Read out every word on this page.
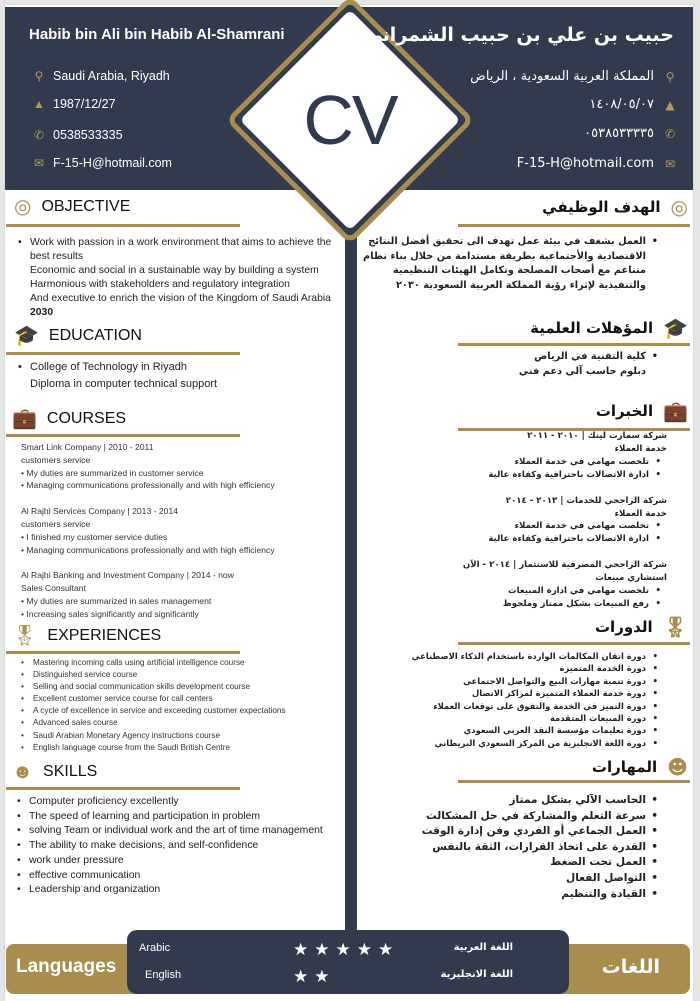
CV
Habib bin Ali bin Habib Al-Shamrani	حبيب بن علي بن حبيب الشمراني
⚲ Saudi Arabia, Riyadh
▲ 1987/12/27
✆ 0538533335
✉ F-15-H@hotmail.com
⚲
المملكة العربية السعودية ، الرياض
▲
١٤٠٨/٠٥/٠٧
✆
٠٥٣٨٥٣٣٣٣٥
✉
F-15-H@hotmail.com
◎ OBJECTIVE
• Work with passion in a work environment that aims to achieve the
best results
Economic and social in a sustainable way by building a system
Harmonious with stakeholders and regulatory integration
And executive to enrich the vision of the Kingdom of Saudi Arabia
2030
🎓 EDUCATION
• College of Technology in Riyadh
Diploma in computer technical support
💼 COURSES
Smart Link Company | 2010 - 2011
customers service
• My duties are summarized in customer service
• Managing communications professionally and with high efficiency
Al Rajhi Services Company | 2013 - 2014
customers service
• I finished my customer service duties
• Managing communications professionally and with high efficiency
Al Rajhi Banking and Investment Company | 2014 - now
Sales Consultant
• My duties are summarized in sales management
• Increasing sales significantly and significantly
🎖 EXPERIENCES
• Mastering incoming calls using artificial intelligence course
• Distinguished service course
• Selling and social communication skills development course
• Excellent customer service course for call centers
• A cycle of excellence in service and exceeding customer expectations
• Advanced sales course
• Saudi Arabian Monetary Agency instructions course
• English language course from the Saudi British Centre
☻ SKILLS
• Computer proficiency excellently
• The speed of learning and participation in problem
• solving Team or individual work and the art of time management
• The ability to make decisions, and self-confidence
• work under pressure
• effective communication
• Leadership and organization
◎
الهدف الوظيفي
• العمل بشغف في بيئة عمل تهدف الى تحقيق أفضل النتائج
الاقتصادية والأجتماعية بطريقة مستدامة من خلال بناء نظام
متناغم مع أصحاب المصلحة وتكامل الهيئات التنظيمية
والتنفيذية لإثراء رؤية المملكة العربية السعودية ٢٠٣٠
🎓
المؤهلات العلمية
• كلية التقنية في الرياض
دبلوم حاسب آلي دعم فني
💼
الخبرات
شركة سمارت لينك | ٢٠١٠ - ٢٠١١
خدمة العملاء
• تلخصت مهامي في خدمة العملاء
• ادارة الاتصالات باحترافية وكفاءة عالية
شركة الراجحي للخدمات | ٢٠١٣ - ٢٠١٤
خدمة العملاء
• تخلصت مهامي في خدمة العملاء
• ادارة الاتصالات باحترافية وكفاءة عالية
شركة الراجحي المصرفية للاستثمار | ٢٠١٤ - الآن
استشاري مبيعات
• تلخصت مهامي في ادارة المبيعات
• رفع المبيعات بشكل ممتاز وملحوظ
🎖
الدورات
• دورة اتقان المكالمات الواردة باستخدام الذكاء الاصطناعي
• دورة الخدمة المتميزة
• دورة تنمية مهارات البيع والتواصل الاجتماعي
• دورة خدمة العملاء المتميزة لمراكز الاتصال
• دورة التميز في الخدمة والتفوق على توقعات العملاء
• دورة المبيعات المتقدمة
• دورة تعليمات مؤسسة النقد العربي السعودي
• دورة اللغة الانجليزية من المركز السعودي البريطاني
☻
المهارات
• الحاسب الآلي بشكل ممتاز
• سرعة التعلم والمشاركة في حل المشكالت
• العمل الجماعي أو الفردي وفن إدارة الوقت
• القدرة على اتخاذ القرارات، الثقة بالنفس
• العمل تحت الضغط
• التواصل الفعال
• القيادة والتنظيم
Languages	اللغات
Arabic	★★★★★	اللغة العربية
English	★★	اللغة الانجليزية
